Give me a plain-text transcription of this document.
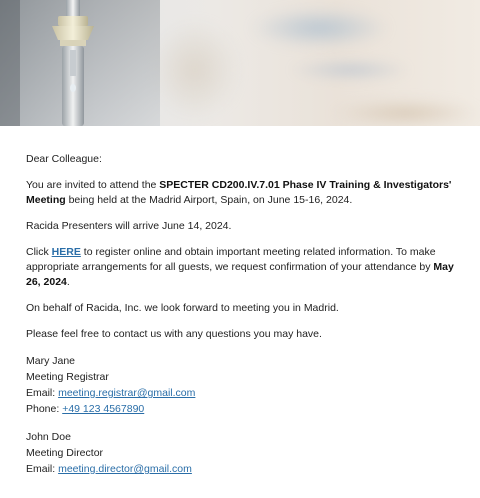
Dear Colleague:

You are invited to attend the SPECTER CD200.IV.7.01 Phase IV Training & Investigators' Meeting being held at the Madrid Airport, Spain, on June 15-16, 2024.

Racida Presenters will arrive June 14, 2024.

Click HERE to register online and obtain important meeting related information. To make appropriate arrangements for all guests, we request confirmation of your attendance by May 26, 2024.

On behalf of Racida, Inc. we look forward to meeting you in Madrid.

Please feel free to contact us with any questions you may have.

Mary Jane
Meeting Registrar
Email: meeting.registrar@gmail.com
Phone: +49 123 4567890
John Doe
Meeting Director
Email: meeting.director@gmail.com
